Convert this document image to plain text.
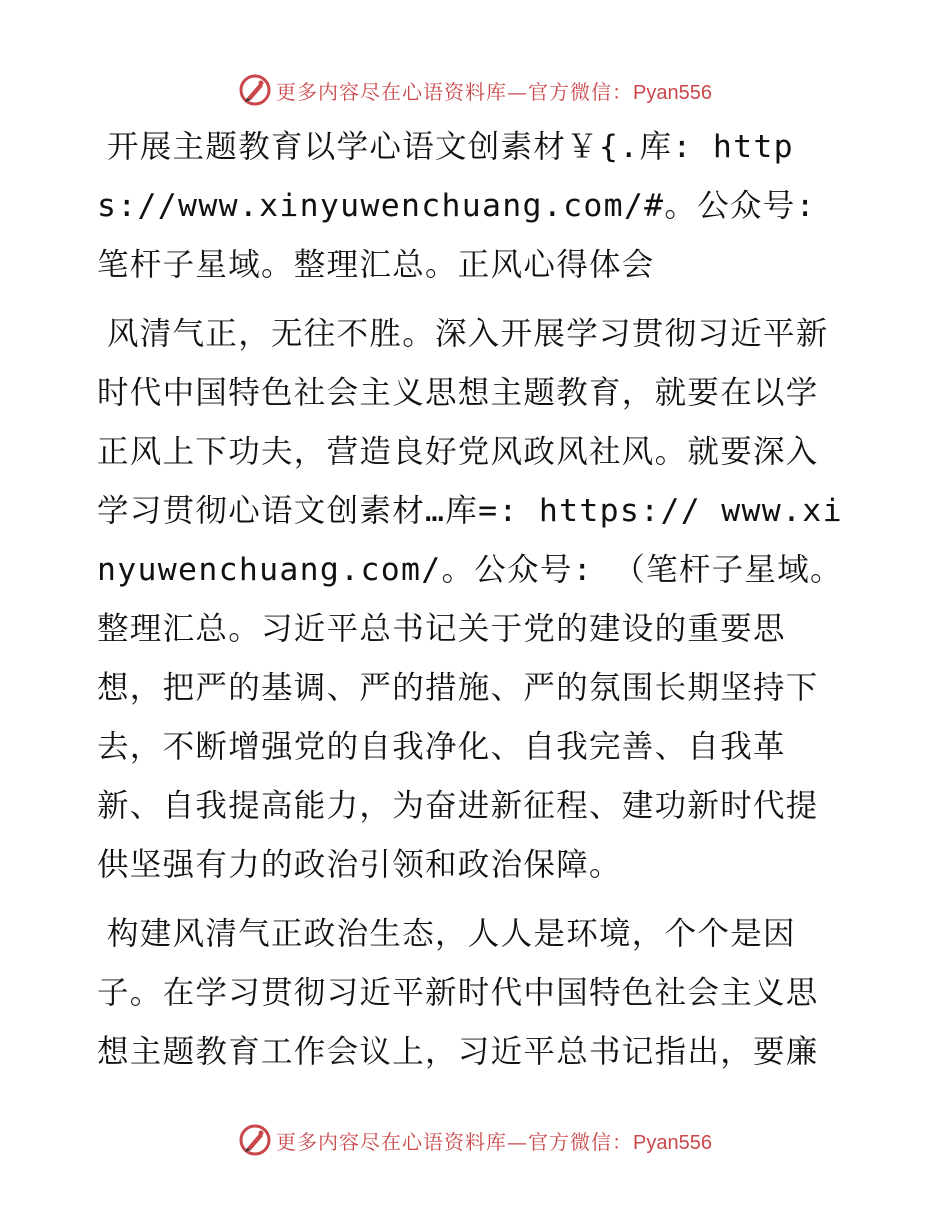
更多内容尽在心语资料库—官方微信：Pyan556

开展主题教育以学心语文创素材￥{.库: https://www.xinyuwenchuang.com/#。公众号: 笔杆子星域。整理汇总。正风心得体会

风清气正，无往不胜。深入开展学习贯彻习近平新时代中国特色社会主义思想主题教育，就要在以学正风上下功夫，营造良好党风政风社风。就要深入学习贯彻心语文创素材…库=: https:// www.xinyuwenchuang.com/。公众号: （笔杆子星域。整理汇总。习近平总书记关于党的建设的重要思想，把严的基调、严的措施、严的氛围长期坚持下去，不断增强党的自我净化、自我完善、自我革新、自我提高能力，为奋进新征程、建功新时代提供坚强有力的政治引领和政治保障。

构建风清气正政治生态，人人是环境，个个是因子。在学习贯彻习近平新时代中国特色社会主义思想主题教育工作会议上，习近平总书记指出，要廉

更多内容尽在心语资料库—官方微信：Pyan556
